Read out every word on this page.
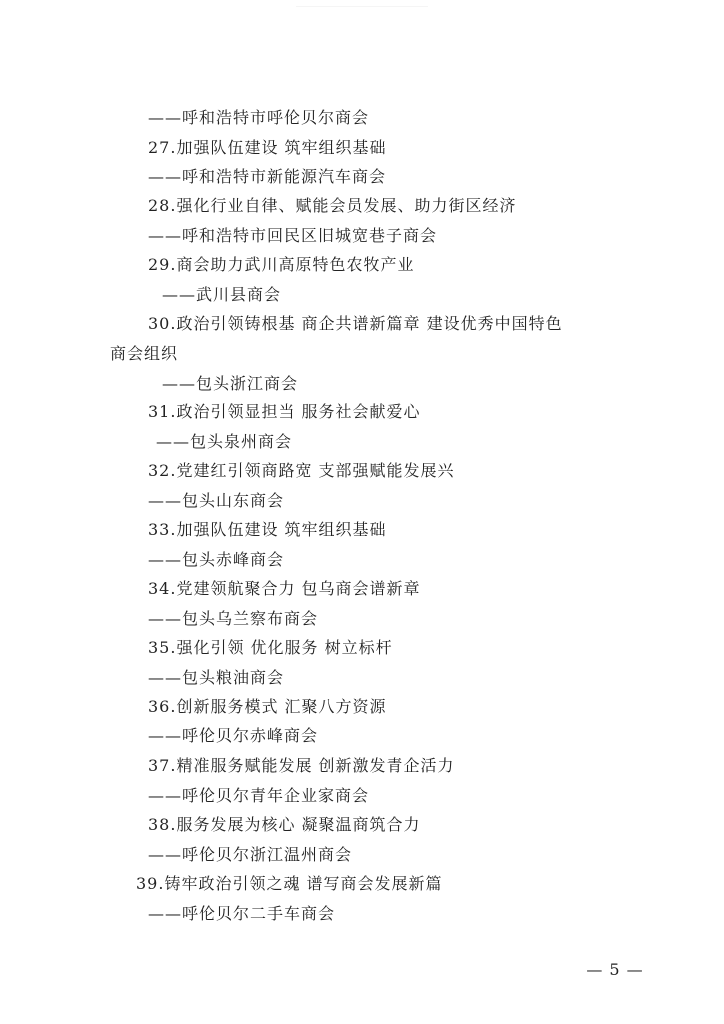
——呼和浩特市呼伦贝尔商会
27.加强队伍建设 筑牢组织基础
——呼和浩特市新能源汽车商会
28.强化行业自律、赋能会员发展、助力街区经济
——呼和浩特市回民区旧城宽巷子商会
29.商会助力武川高原特色农牧产业
——武川县商会
30.政治引领铸根基 商企共谱新篇章 建设优秀中国特色
商会组织
——包头浙江商会
31.政治引领显担当 服务社会献爱心
——包头泉州商会
32.党建红引领商路宽 支部强赋能发展兴
——包头山东商会
33.加强队伍建设 筑牢组织基础
——包头赤峰商会
34.党建领航聚合力 包乌商会谱新章
——包头乌兰察布商会
35.强化引领 优化服务 树立标杆
——包头粮油商会
36.创新服务模式 汇聚八方资源
——呼伦贝尔赤峰商会
37.精准服务赋能发展 创新激发青企活力
——呼伦贝尔青年企业家商会
38.服务发展为核心 凝聚温商筑合力
——呼伦贝尔浙江温州商会
39.铸牢政治引领之魂 谱写商会发展新篇
——呼伦贝尔二手车商会
— 5 —
